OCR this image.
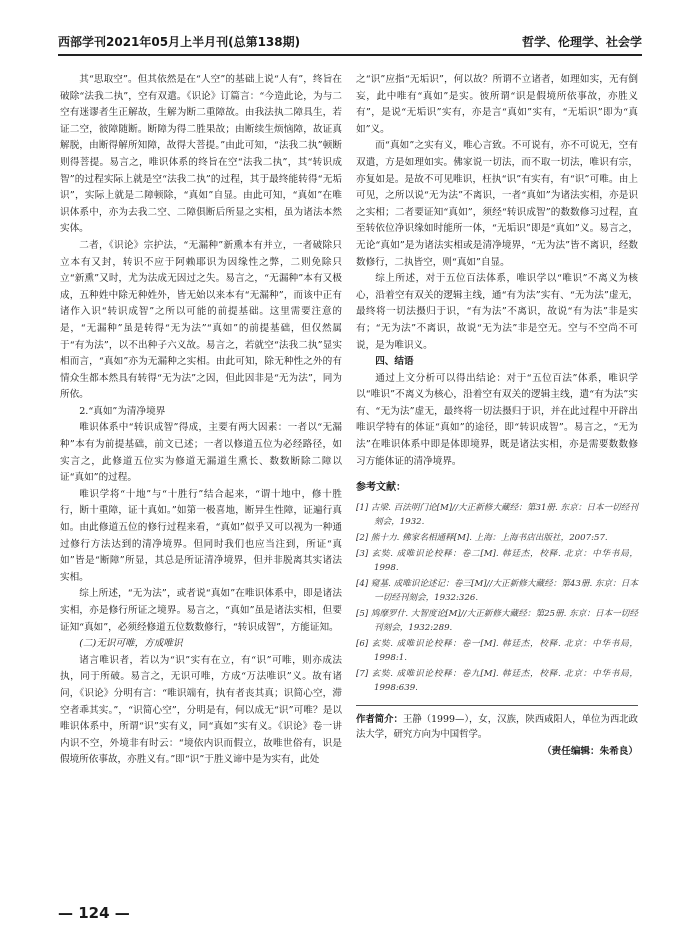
西部学刊2021年05月上半月刊(总第138期)	哲学、伦理学、社会学

其“思取空”。但其依然是在“人空”的基础上说“人有”，终旨在破除“法我二执”，空有双遣。《识论》订篇言：“今造此论，为与二空有迷谬者生正解故，生解为断二重障故。由我法执二障具生，若证二空，彼障随断。断障为得二胜果故；由断续生烦恼障，故证真解脱，由断得解所知障，故得大菩提。”由此可知，“法我二执”顿断则得菩提。易言之，唯识体系的终旨在空“法我二执”，其“转识成智”的过程实际上就是空“法我二执”的过程，其于最终能转得“无垢识”，实际上就是二障顿除，“真如”自显。由此可知，“真如”在唯识体系中，亦为去我二空、二障俱断后所显之实相，虽为诸法本然实体。

二者，《识论》宗护法，“无漏种”新熏本有并立，一者破除只立本有又封，转识不应于阿赖耶识为因缘性之弊，二则免除只立“新熏”又时，尤为法成无因过之失。易言之，“无漏种”本有又极成，五种姓中除无种姓外，皆无始以来本有“无漏种”，而该中正有诸作入识“转识成智”之所以可能的前提基础。这里需要注意的是，“无漏种”虽是转得“无为法”“真如”的前提基础，但仅然属于“有为法”，以不出种子六义故。易言之，若就空“法我二执”显实相而言，“真如”亦为无漏种之实相。由此可知，除无种性之外的有情众生都本然具有转得“无为法”之因，但此因非是“无为法”，同为所依。

2.“真如”为清净境界

唯识体系中“转识成智”得成，主要有两大因素：一者以“无漏种”本有为前提基础，前文已述；一者以修道五位为必经路径，如实言之，此修道五位实为修道无漏道生熏长、数数断除二障以证“真如”的过程。

唯识学将“十地”与“十胜行”结合起来，“谓十地中，修十胜行，断十重障，证十真如。”如第一极喜地，断异生性障，证遍行真如。由此修道五位的修行过程来看，“真如”似乎又可以视为一种通过修行方法达到的清净境界。但同时我们也应当注到，所证“真如”皆是“断障”所显，其总是所证清净境界，但并非脱离其实诸法实相。

综上所述，“无为法”，或者说“真如”在唯识体系中，即是诸法实相，亦是修行所证之境界。易言之，“真如”虽是诸法实相，但要证知“真如”，必须经修道五位数数修行，“转识成智”，方能证知。

(二)无识可唯，方成唯识

诸言唯识者，若以为“识”实有在立，有“识”可唯，则亦成法执，同于所破。易言之，无识可唯，方成“万法唯识”义。故有诸问，《识论》分明有言：“唯识端有，执有者丧其真；识简心空，滞空者乖其实。”，“识简心空”，分明是有，何以成无“识”可唯？是以唯识体系中，所谓“识”实有义，同“真如”实有义。《识论》卷一讲内识不空，外境非有时云：“境依内识而假立，故唯世俗有，识是假境所依事故，亦胜义有。”即“识”于胜义谛中是为实有，此处

之“识”应指“无垢识”，何以故？所谓不立诸者，如理如实，无有倒妄，此中唯有“真如”是实。彼所谓“识是假境所依事故，亦胜义有”，是说“无垢识”实有，亦是言“真如”实有，“无垢识”即为“真如”义。

而“真如”之实有义，唯心言致。不可说有，亦不可说无，空有双遣，方是如理如实。佛家说一切法，而不取一切法，唯识有宗，亦复如是。是故不可见唯识，枉执“识”有实有，有“识”可唯。由上可见，之所以说“无为法”不离识，一者“真如”为诸法实相，亦是识之实相；二者要证知“真如”，须经“转识成智”的数数修习过程，直至转依位净识缘如时能所一体，“无垢识”即是“真如”义。易言之，无论“真如”是为诸法实相或是清净境界，“无为法”皆不离识，经数数修行，二执皆空，则“真如”自显。

综上所述，对于五位百法体系，唯识学以“唯识”不离义为核心，沿着空有双关的逻辑主线，通“有为法”实有、“无为法”虚无，最终将一切法摄归于识，“有为法”不离识，故说“有为法”非是实有；“无为法”不离识，故说“无为法”非是空无。空与不空尚不可说，是为唯识义。

四、结语

通过上文分析可以得出结论：对于“五位百法”体系，唯识学以“唯识”不离义为核心，沿着空有双关的逻辑主线，遣“有为法”实有、“无为法”虚无，最终将一切法摄归于识，并在此过程中开辟出唯识学特有的体证“真如”的途径，即“转识成智”。易言之，“无为法”在唯识体系中即是体即境界，既是诸法实相，亦是需要数数修习方能体证的清净境界。

参考文献：
[1] 古梁. 百法明门论[M]//大正新修大藏经：第31册. 东京：日本一切经刊刻会，1932.
[2] 熊十力. 佛家名相通释[M]. 上海：上海书店出版社，2007:57.
[3] 玄奘. 成唯识论校释：卷二[M]. 韩廷杰，校释. 北京：中华书局，1998.
[4] 窥基. 成唯识论述记：卷三[M]//大正新修大藏经：第43册. 东京：日本一切经刊刻会，1932:326.
[5] 鸠摩罗什. 大智度论[M]//大正新修大藏经：第25册. 东京：日本一切经刊刻会，1932:289.
[6] 玄奘. 成唯识论校释：卷一[M]. 韩廷杰，校释. 北京：中华书局，1998:1.
[7] 玄奘. 成唯识论校释：卷九[M]. 韩廷杰，校释. 北京：中华书局，1998:639.
作者简介：王静（1999—），女，汉族，陕西咸阳人，单位为西北政法大学，研究方向为中国哲学。
（责任编辑：朱希良）
— 124 —
